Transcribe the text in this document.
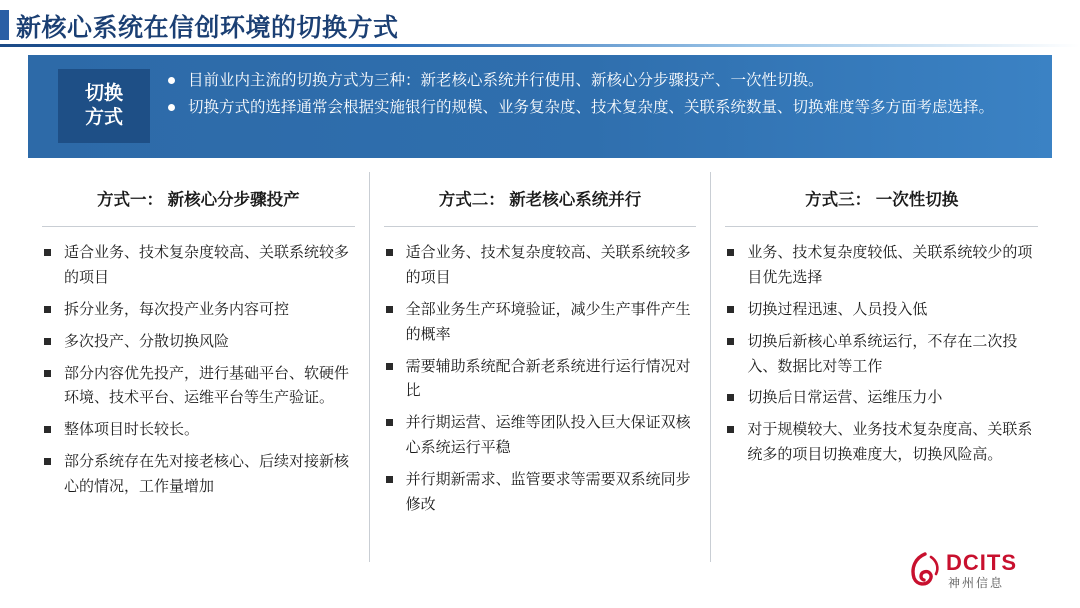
新核心系统在信创环境的切换方式
切换
方式
目前业内主流的切换方式为三种：新老核心系统并行使用、新核心分步骤投产、一次性切换。
切换方式的选择通常会根据实施银行的规模、业务复杂度、技术复杂度、关联系统数量、切换难度等多方面考虑选择。
方式一： 新核心分步骤投产
适合业务、技术复杂度较高、关联系统较多的项目
拆分业务，每次投产业务内容可控
多次投产、分散切换风险
部分内容优先投产，进行基础平台、软硬件环境、技术平台、运维平台等生产验证。
整体项目时长较长。
部分系统存在先对接老核心、后续对接新核心的情况，工作量增加
方式二： 新老核心系统并行
适合业务、技术复杂度较高、关联系统较多的项目
全部业务生产环境验证，减少生产事件产生的概率
需要辅助系统配合新老系统进行运行情况对比
并行期运营、运维等团队投入巨大保证双核心系统运行平稳
并行期新需求、监管要求等需要双系统同步修改
方式三： 一次性切换
业务、技术复杂度较低、关联系统较少的项目优先选择
切换过程迅速、人员投入低
切换后新核心单系统运行，不存在二次投入、数据比对等工作
切换后日常运营、运维压力小
对于规模较大、业务技术复杂度高、关联系统多的项目切换难度大，切换风险高。
DCITS
神州信息
